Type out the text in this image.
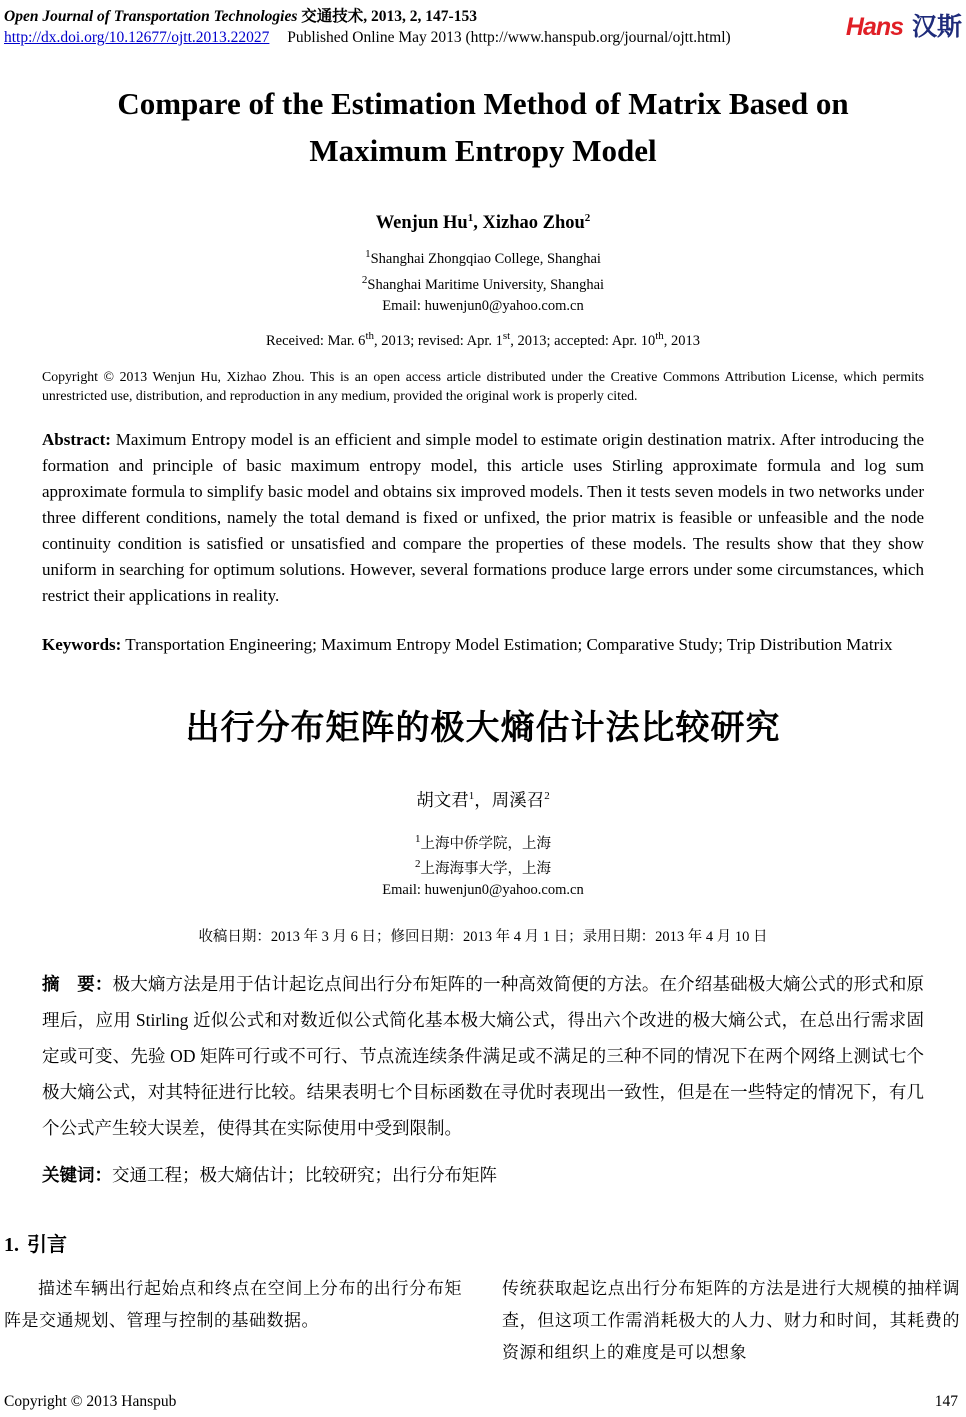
Open Journal of Transportation Technologies 交通技术, 2013, 2, 147-153
http://dx.doi.org/10.12677/ojtt.2013.22027 Published Online May 2013 (http://www.hanspub.org/journal/ojtt.html)	Hans 汉斯
Compare of the Estimation Method of Matrix Based on Maximum Entropy Model
Wenjun Hu$^1$, Xizhao Zhou$^2$
$^1$Shanghai Zhongqiao College, Shanghai
$^2$Shanghai Maritime University, Shanghai
Email: huwenjun0@yahoo.com.cn
Received: Mar. 6th, 2013; revised: Apr. 1st, 2013; accepted: Apr. 10th, 2013

Copyright © 2013 Wenjun Hu, Xizhao Zhou. This is an open access article distributed under the Creative Commons Attribution License, which permits unrestricted use, distribution, and reproduction in any medium, provided the original work is properly cited.

Abstract: Maximum Entropy model is an efficient and simple model to estimate origin destination matrix. After introducing the formation and principle of basic maximum entropy model, this article uses Stirling approximate formula and log sum approximate formula to simplify basic model and obtains six improved models. Then it tests seven models in two networks under three different conditions, namely the total demand is fixed or unfixed, the prior matrix is feasible or unfeasible and the node continuity condition is satisfied or unsatisfied and compare the properties of these models. The results show that they show uniform in searching for optimum solutions. However, several formations produce large errors under some circumstances, which restrict their applications in reality.

Keywords: Transportation Engineering; Maximum Entropy Model Estimation; Comparative Study; Trip Distribution Matrix

出行分布矩阵的极大熵估计法比较研究
胡文君$^1$，周溪召$^2$
$^1$上海中侨学院，上海
$^2$上海海事大学，上海
Email: huwenjun0@yahoo.com.cn
收稿日期：2013 年 3 月 6 日；修回日期：2013 年 4 月 1 日；录用日期：2013 年 4 月 10 日

摘　要：极大熵方法是用于估计起讫点间出行分布矩阵的一种高效简便的方法。在介绍基础极大熵公式的形式和原理后，应用 Stirling 近似公式和对数近似公式简化基本极大熵公式，得出六个改进的极大熵公式，在总出行需求固定或可变、先验 OD 矩阵可行或不可行、节点流连续条件满足或不满足的三种不同的情况下在两个网络上测试七个极大熵公式，对其特征进行比较。结果表明七个目标函数在寻优时表现出一致性，但是在一些特定的情况下，有几个公式产生较大误差，使得其在实际使用中受到限制。

关键词：交通工程；极大熵估计；比较研究；出行分布矩阵

1. 引言

描述车辆出行起始点和终点在空间上分布的出行分布矩阵是交通规划、管理与控制的基础数据。

传统获取起讫点出行分布矩阵的方法是进行大规模的抽样调查，但这项工作需消耗极大的人力、财力和时间，其耗费的资源和组织上的难度是可以想象

Copyright © 2013 Hanspub	147
